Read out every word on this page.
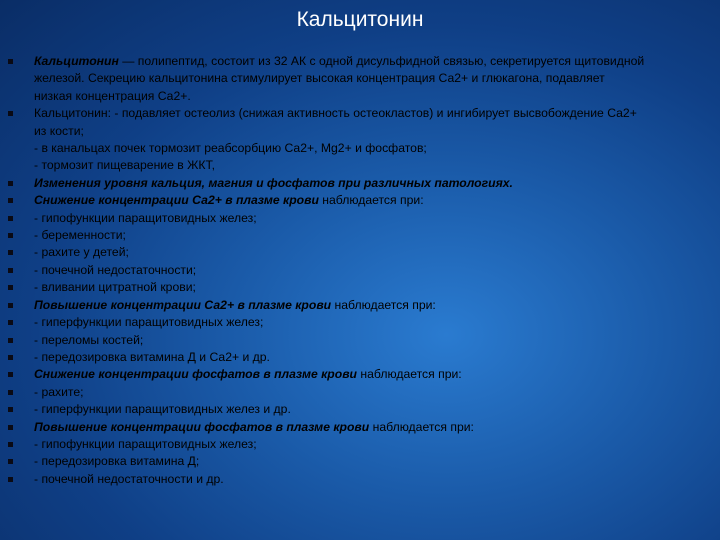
Кальцитонин
Кальцитонин — полипептид, состоит из 32 АК с одной дисульфидной связью, секретируется щитовидной
железой. Секрецию кальцитонина стимулирует высокая концентрация Са2+ и глюкагона, подавляет
низкая концентрация Са2+.
Кальцитонин: - подавляет остеолиз (снижая активность остеокластов) и ингибирует высвобождение Са2+
из кости;
- в канальцах почек тормозит реабсорбцию Са2+, Mg2+ и фосфатов;
- тормозит пищеварение в ЖКТ,
Изменения уровня кальция, магния и фосфатов при различных патологиях.
Снижение концентрации Са2+ в плазме крови наблюдается при:
- гипофункции паращитовидных желез;
- беременности;
- рахите у детей;
- почечной недостаточности;
- вливании цитратной крови;
Повышение концентрации Са2+ в плазме крови наблюдается при:
- гиперфункции паращитовидных желез;
- переломы костей;
- передозировка витамина Д и Са2+ и др.
Снижение концентрации фосфатов в плазме крови наблюдается при:
- рахите;
- гиперфункции паращитовидных желез и др.
Повышение концентрации фосфатов в плазме крови наблюдается при:
- гипофункции паращитовидных желез;
- передозировка витамина Д;
- почечной недостаточности и др.
